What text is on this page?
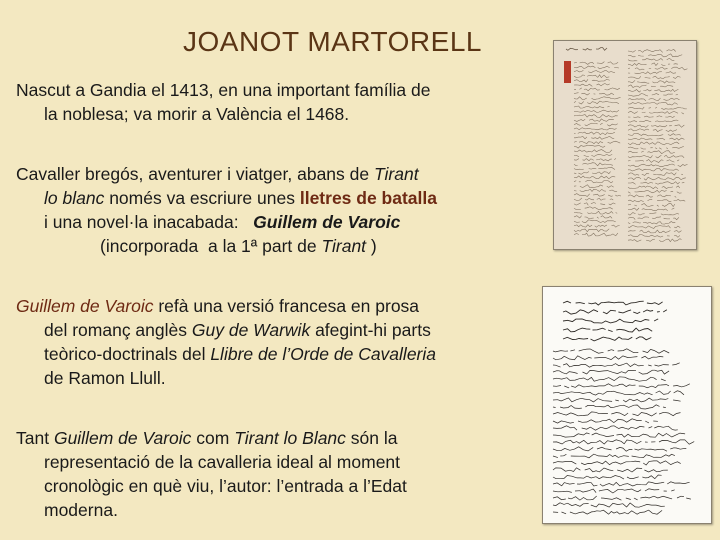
JOANOT MARTORELL

Nascut a Gandia el 1413, en una important família de
la noblesa; va morir a València el 1468.

Cavaller bregós, aventurer i viatger, abans de Tirant
lo blanc només va escriure unes lletres de batalla
i una novel·la inacabada:   Guillem de Varoic
(incorporada  a la 1ª part de Tirant )

Guillem de Varoic refà una versió francesa en prosa
del romanç anglès Guy de Warwik afegint-hi parts
teòrico-doctrinals del Llibre de l’Orde de Cavalleria
de Ramon Llull.

Tant Guillem de Varoic com Tirant lo Blanc són la
representació de la cavalleria ideal al moment
cronològic en què viu, l’autor: l’entrada a l’Edat
moderna.
